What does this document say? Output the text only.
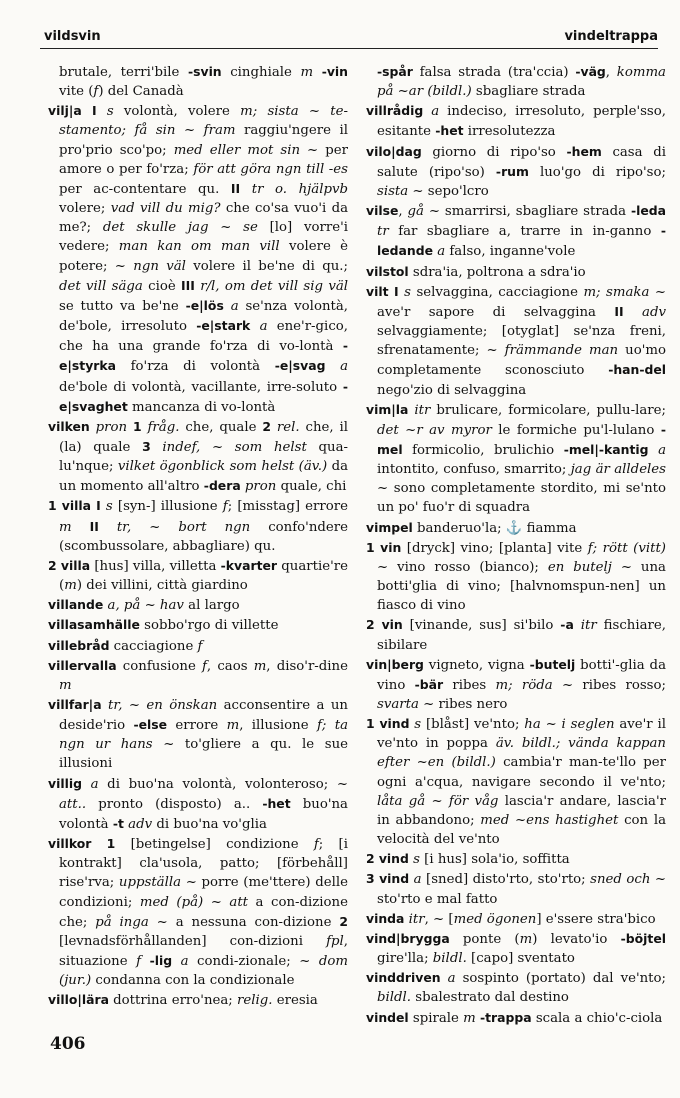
vildsvin	vindeltrappa

brutale, terri'bile -svin cinghiale m -vin vite (f) del Canadà

vilj|a I s volontà, volere m; sista ~ te-stamento; få sin ~ fram raggiu'ngere il pro'prio sco'po; med eller mot sin ~ per amore o per fo'rza; för att göra ngn till -es per ac-contentare qu. II tr o. hjälpvb volere; vad vill du mig? che co'sa vuo'i da me?; det skulle jag ~ se [lo] vorre'i vedere; man kan om man vill volere è potere; ~ ngn väl volere il be'ne di qu.; det vill säga cioè III r/l, om det vill sig väl se tutto va be'ne -e|lös a se'nza volontà, de'bole, irresoluto -e|stark a ene'r-gico, che ha una grande fo'rza di vo-lontà -e|styrka fo'rza di volontà -e|svag a de'bole di volontà, vacillante, irre-soluto -e|svaghet mancanza di vo-lontà

vilken pron 1 fråg. che, quale 2 rel. che, il (la) quale 3 indef, ~ som helst qua-lu'nque; vilket ögonblick som helst (äv.) da un momento all'altro -dera pron quale, chi

1 villa I s [syn-] illusione f; [misstag] errore m II tr, ~ bort ngn confo'ndere (scombussolare, abbagliare) qu.

2 villa [hus] villa, villetta -kvarter quartie're (m) dei villini, città giardino

villande a, på ~ hav al largo

villasamhälle sobbo'rgo di villette

villebråd cacciagione f

villervalla confusione f, caos m, diso'r-dine m

villfar|a tr, ~ en önskan acconsentire a un deside'rio -else errore m, illusione f; ta ngn ur hans ~ to'gliere a qu. le sue illusioni

villig a di buo'na volontà, volonteroso; ~ att.. pronto (disposto) a.. -het buo'na volontà -t adv di buo'na vo'glia

villkor 1 [betingelse] condizione f; [i kontrakt] cla'usola, patto; [förbehåll] rise'rva; uppställa ~ porre (me'ttere) delle condizioni; med (på) ~ att a con-dizione che; på inga ~ a nessuna con-dizione 2 [levnadsförhållanden] con-dizioni fpl, situazione f -lig a condi-zionale; ~ dom (jur.) condanna con la condizionale

villo|lära dottrina erro'nea; relig. eresia

-spår falsa strada (tra'ccia) -väg, komma på ~ar (bildl.) sbagliare strada

villrådig a indeciso, irresoluto, perple'sso, esitante -het irresolutezza

vilo|dag giorno di ripo'so -hem casa di salute (ripo'so) -rum luo'go di ripo'so; sista ~ sepo'lcro

vilse, gå ~ smarrirsi, sbagliare strada -leda tr far sbagliare a, trarre in in-ganno -ledande a falso, inganne'vole

vilstol sdra'ia, poltrona a sdra'io

vilt I s selvaggina, cacciagione m; smaka ~ ave'r sapore di selvaggina II adv selvaggiamente; [otyglat] se'nza freni, sfrenatamente; ~ främmande man uo'mo completamente sconosciuto -han-del nego'zio di selvaggina

vim|la itr brulicare, formicolare, pullu-lare; det ~r av myror le formiche pu'l-lulano -mel formicolio, brulichio -mel|-kantig a intontito, confuso, smarrito; jag är alldeles ~ sono completamente stordito, mi se'nto un po' fuo'r di squadra

vimpel banderuo'la; ⚓ fiamma

1 vin [dryck] vino; [planta] vite f; rött (vitt) ~ vino rosso (bianco); en butelj ~ una botti'glia di vino; [halvnomspun-nen] un fiasco di vino

2 vin [vinande, sus] si'bilo -a itr fischiare, sibilare

vin|berg vigneto, vigna -butelj botti'-glia da vino -bär ribes m; röda ~ ribes rosso; svarta ~ ribes nero

1 vind s [blåst] ve'nto; ha ~ i seglen ave'r il ve'nto in poppa äv. bildl.; vända kappan efter ~en (bildl.) cambia'r man-te'llo per ogni a'cqua, navigare secondo il ve'nto; låta gå ~ för våg lascia'r andare, lascia'r in abbandono; med ~ens hastighet con la velocità del ve'nto

2 vind s [i hus] sola'io, soffitta

3 vind a [sned] disto'rto, sto'rto; sned och ~ sto'rto e mal fatto

vinda itr, ~ [med ögonen] e'ssere stra'bico

vind|brygga ponte (m) levato'io -böjtel gire'lla; bildl. [capo] sventato

vinddriven a sospinto (portato) dal ve'nto; bildl. sbalestrato dal destino

vindel spirale m -trappa scala a chio'c-ciola

406
